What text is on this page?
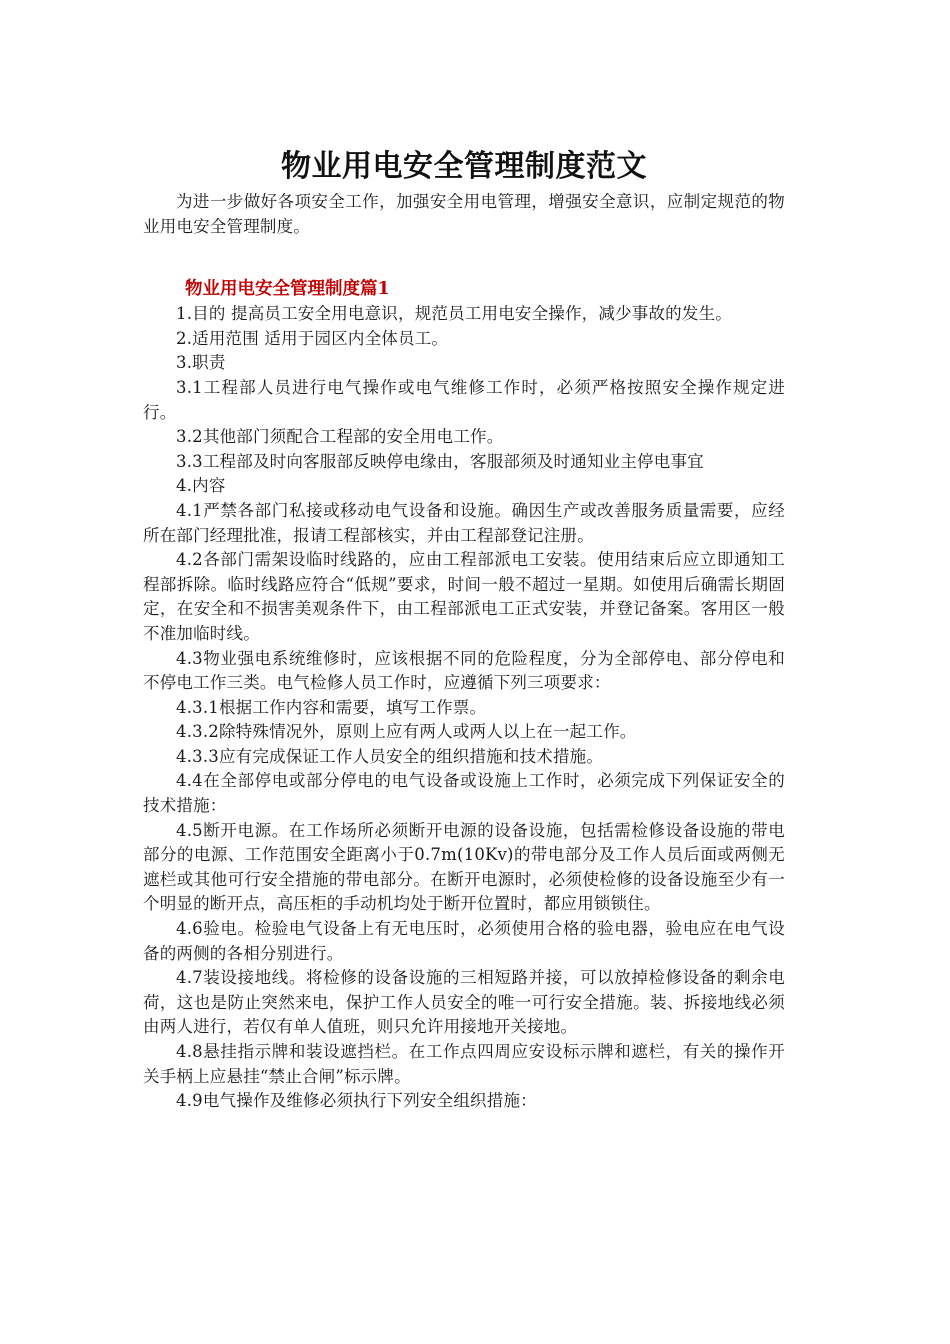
物业用电安全管理制度范文

为进一步做好各项安全工作，加强安全用电管理，增强安全意识，应制定规范的物业用电安全管理制度。

物业用电安全管理制度篇1

1.目的 提高员工安全用电意识，规范员工用电安全操作，减少事故的发生。

2.适用范围 适用于园区内全体员工。

3.职责

3.1工程部人员进行电气操作或电气维修工作时，必须严格按照安全操作规定进行。

3.2其他部门须配合工程部的安全用电工作。

3.3工程部及时向客服部反映停电缘由，客服部须及时通知业主停电事宜

4.内容

4.1严禁各部门私接或移动电气设备和设施。确因生产或改善服务质量需要，应经所在部门经理批准，报请工程部核实，并由工程部登记注册。

4.2各部门需架设临时线路的，应由工程部派电工安装。使用结束后应立即通知工程部拆除。临时线路应符合“低规”要求，时间一般不超过一星期。如使用后确需长期固定，在安全和不损害美观条件下，由工程部派电工正式安装，并登记备案。客用区一般不准加临时线。

4.3物业强电系统维修时，应该根据不同的危险程度，分为全部停电、部分停电和不停电工作三类。电气检修人员工作时，应遵循下列三项要求：

4.3.1根据工作内容和需要，填写工作票。

4.3.2除特殊情况外，原则上应有两人或两人以上在一起工作。

4.3.3应有完成保证工作人员安全的组织措施和技术措施。

4.4在全部停电或部分停电的电气设备或设施上工作时，必须完成下列保证安全的技术措施：

4.5断开电源。在工作场所必须断开电源的设备设施，包括需检修设备设施的带电部分的电源、工作范围安全距离小于0.7m(10Kv)的带电部分及工作人员后面或两侧无遮栏或其他可行安全措施的带电部分。在断开电源时，必须使检修的设备设施至少有一个明显的断开点，高压柜的手动机均处于断开位置时，都应用锁锁住。

4.6验电。检验电气设备上有无电压时，必须使用合格的验电器，验电应在电气设备的两侧的各相分别进行。

4.7装设接地线。将检修的设备设施的三相短路并接，可以放掉检修设备的剩余电荷，这也是防止突然来电，保护工作人员安全的唯一可行安全措施。装、拆接地线必须由两人进行，若仅有单人值班，则只允许用接地开关接地。

4.8悬挂指示牌和装设遮挡栏。在工作点四周应安设标示牌和遮栏，有关的操作开关手柄上应悬挂“禁止合闸”标示牌。

4.9电气操作及维修必须执行下列安全组织措施：
